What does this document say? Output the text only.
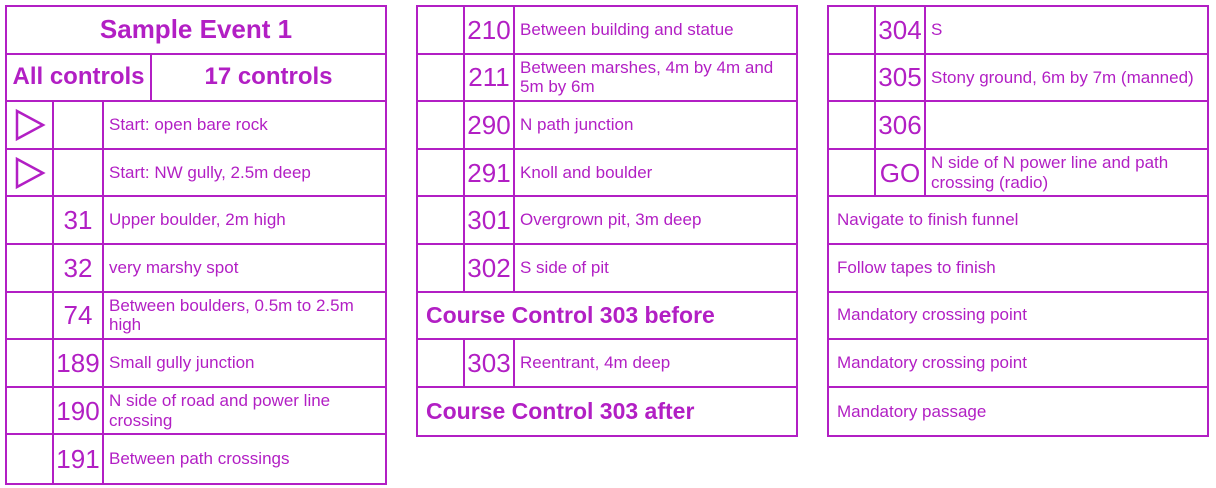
Sample Event 1
All controls	17 controls
Start: open bare rock
Start: NW gully, 2.5m deep
31 Upper boulder, 2m high
32 very marshy spot
74 Between boulders, 0.5m to 2.5m high
189 Small gully junction
190 N side of road and power line crossing
191 Between path crossings
210 Between building and statue
211 Between marshes, 4m by 4m and 5m by 6m
290 N path junction
291 Knoll and boulder
301 Overgrown pit, 3m deep
302 S side of pit
Course Control 303 before
303 Reentrant, 4m deep
Course Control 303 after
304 S
305 Stony ground, 6m by 7m (manned)
306
GO N side of N power line and path crossing (radio)
Navigate to finish funnel
Follow tapes to finish
Mandatory crossing point
Mandatory crossing point
Mandatory passage
